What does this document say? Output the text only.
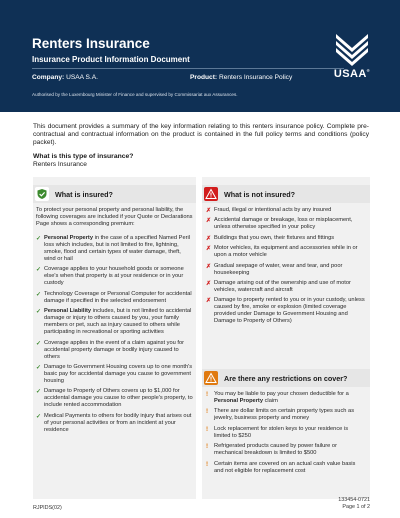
Renters Insurance
Insurance Product Information Document
Company: USAA S.A.	Product: Renters Insurance Policy
Authorised by the Luxembourg Minister of Finance and supervised by Commissariat aux Assurances.
USAA®
This document provides a summary of the key information relating to this renters insurance policy. Complete pre-contractual and contractual information on the product is contained in the full policy terms and conditions (policy packet).
What is this type of insurance?
Renters Insurance
What is insured?
To protect your personal property and personal liability, the following coverages are included if your Quote or Declarations Page shows a corresponding premium:
✓ Personal Property in the case of a specified Named Peril loss which includes, but is not limited to fire, lightning, smoke, flood and certain types of water damage, theft, wind or hail
✓ Coverage applies to your household goods or someone else's when that property is at your residence or in your custody
✓ Technology Coverage or Personal Computer for accidental damage if specified in the selected endorsement
✓ Personal Liability includes, but is not limited to accidental damage or injury to others caused by you, your family members or pet, such as injury caused to others while participating in recreational or sporting activities
✓ Coverage applies in the event of a claim against you for accidental property damage or bodily injury caused to others
✓ Damage to Government Housing covers up to one month's basic pay for accidental damage you cause to government housing
✓ Damage to Property of Others covers up to $1,000 for accidental damage you cause to other people's property, to include rented accommodation
✓ Medical Payments to others for bodily injury that arises out of your personal activities or from an incident at your residence
What is not insured?
✗ Fraud, illegal or intentional acts by any insured
✗ Accidental damage or breakage, loss or misplacement, unless otherwise specified in your policy
✗ Buildings that you own, their fixtures and fittings
✗ Motor vehicles, its equipment and accessories while in or upon a motor vehicle
✗ Gradual seepage of water, wear and tear, and poor housekeeping
✗ Damage arising out of the ownership and use of motor vehicles, watercraft and aircraft
✗ Damage to property rented to you or in your custody, unless caused by fire, smoke or explosion (limited coverage provided under Damage to Government Housing and Damage to Property of Others)
Are there any restrictions on cover?
! You may be liable to pay your chosen deductible for a Personal Property claim
! There are dollar limits on certain property types such as jewelry, business property and money
! Lock replacement for stolen keys to your residence is limited to $250
! Refrigerated products caused by power failure or mechanical breakdown is limited to $500
! Certain items are covered on an actual cash value basis and not eligible for replacement cost
RJPIDS(02)
133454-0721
Page 1 of 2
